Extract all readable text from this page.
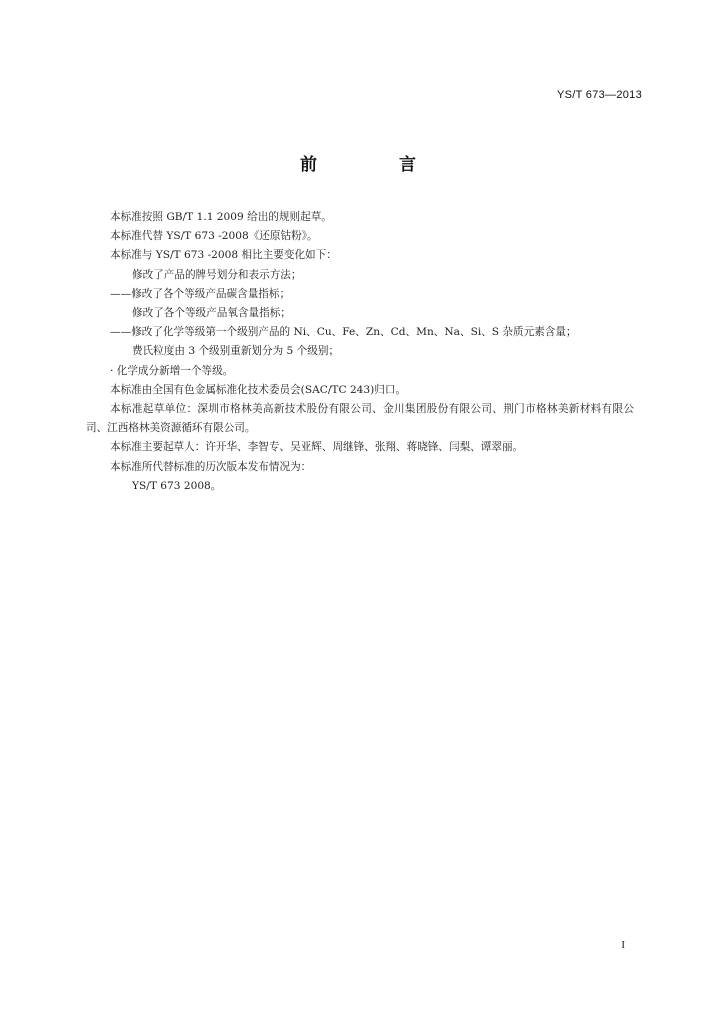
YS/T 673—2013
前 言

本标准按照 GB/T 1.1 2009 给出的规则起草。

本标准代替 YS/T 673 -2008《还原钴粉》。

本标准与 YS/T 673 -2008 相比主要变化如下：

修改了产品的牌号划分和表示方法；

——修改了各个等级产品碳含量指标；

修改了各个等级产品氧含量指标；

——修改了化学等级第一个级别产品的 Ni、Cu、Fe、Zn、Cd、Mn、Na、Si、S 杂质元素含量；

费氏粒度由 3 个级别重新划分为 5 个级别；

· 化学成分新增一个等级。

本标准由全国有色金属标准化技术委员会(SAC/TC 243)归口。

本标准起草单位：深圳市格林美高新技术股份有限公司、金川集团股份有限公司、荆门市格林美新材料有限公司、江西格林美资源循环有限公司。

本标准主要起草人：许开华、李智专、吴亚辉、周继锋、张翔、蒋晓锋、闫梨、谭翠丽。

本标准所代替标准的历次版本发布情况为：

YS/T 673 2008。

I
